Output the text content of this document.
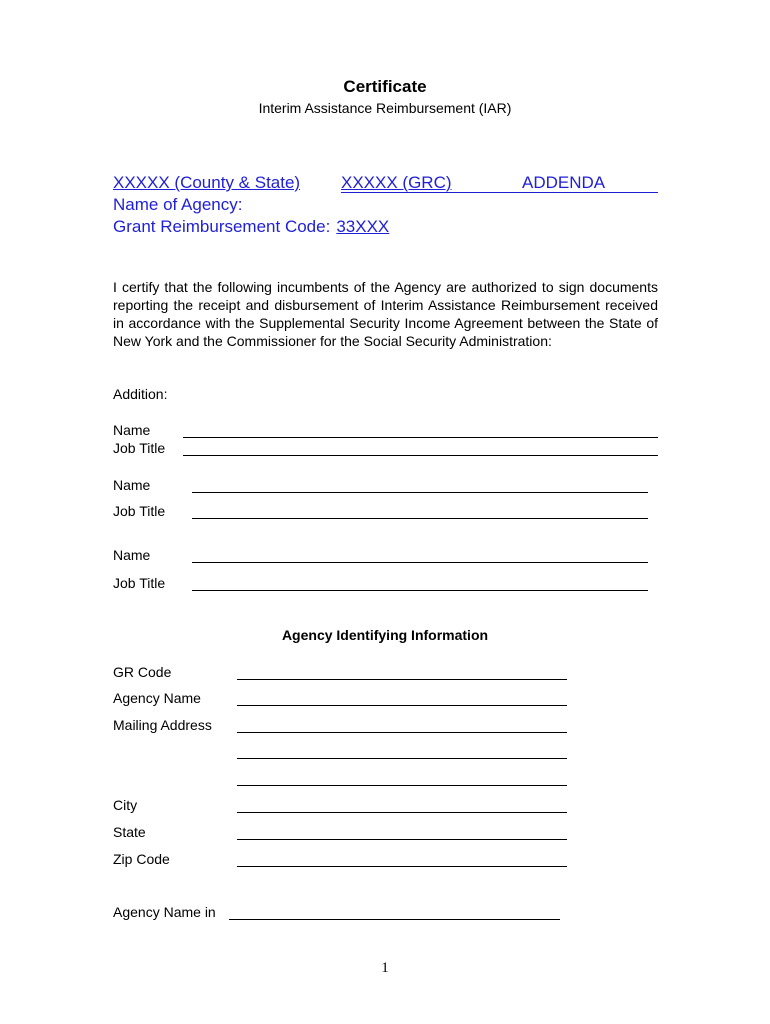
Certificate
Interim Assistance Reimbursement (IAR)
XXXXX (County & State) XXXXX (GRC)	ADDENDA
Name of Agency:
Grant Reimbursement Code: 33XXX
I certify that the following incumbents of the Agency are authorized to sign documents reporting the receipt and disbursement of Interim Assistance Reimbursement received in accordance with the Supplemental Security Income Agreement between the State of New York and the Commissioner for the Social Security Administration:
Addition:
Name
Job Title
Name
Job Title
Name
Job Title
Agency Identifying Information
GR Code
Agency Name
Mailing Address
City
State
Zip Code
Agency Name in
1
